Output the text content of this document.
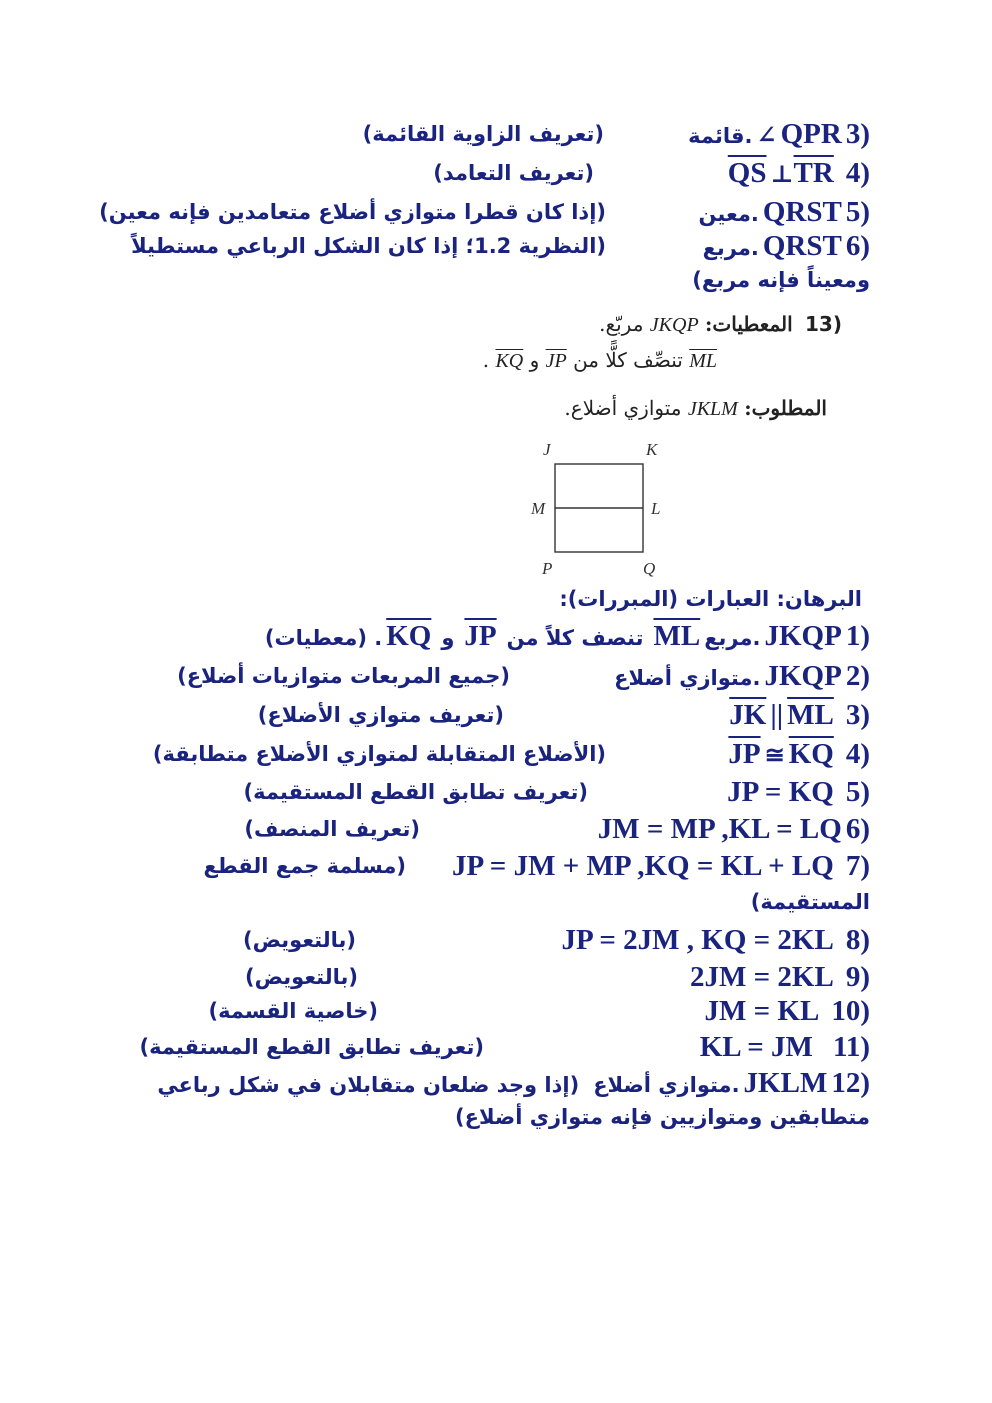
قائمة. ∠ QPR 3)
(تعريف الزاوية القائمة)
$\overline{QS}$ $\perp\overline{TR}$ 4)
(تعريف التعامد)
معين. QRST 5)
(إذا كان قطرا متوازي أضلاع متعامدين فإنه معين)
مربع. QRST 6)
(النظرية 1.2؛ إذا كان الشكل الرباعي مستطيلاً
ومعيناً فإنه مربع)
13) المعطيات: JKQP مربّع.
ML تنصِّف كلًّا من JP و KQ .
المطلوب: JKLM متوازي أضلاع.
J	K
M	L
P	Q
البرهان: العبارات (المبررات):
. (معطيات) $\overline{KQ}$ و $\overline{JP}$ تنصف كلاً من $\overline{ML}$ مربع. JKQP 1)
متوازي أضلاع. JKQP 2)
(جميع المربعات متوازيات أضلاع)
$\overline{JK}$ || $\overline{ML}$ 3)
(تعريف متوازي الأضلاع)
$\overline{JP}$ ≅ $\overline{KQ}$ 4)
(الأضلاع المتقابلة لمتوازي الأضلاع متطابقة)
JP = KQ 5)
(تعريف تطابق القطع المستقيمة)
JM = MP ,KL = LQ 6)
(تعريف المنصف)
JP = JM + MP ,KQ = KL + LQ 7)
(مسلمة جمع القطع
المستقيمة)
JP = 2JM , KQ = 2KL 8)
(بالتعويض)
2JM = 2KL 9)
(بالتعويض)
JM = KL 10)
(خاصية القسمة)
KL = JM 11)
(تعريف تطابق القطع المستقيمة)
(إذا وجد ضلعان متقابلان في شكل رباعي متوازي أضلاع. JKLM 12)
متطابقين ومتوازيين فإنه متوازي أضلاع)
